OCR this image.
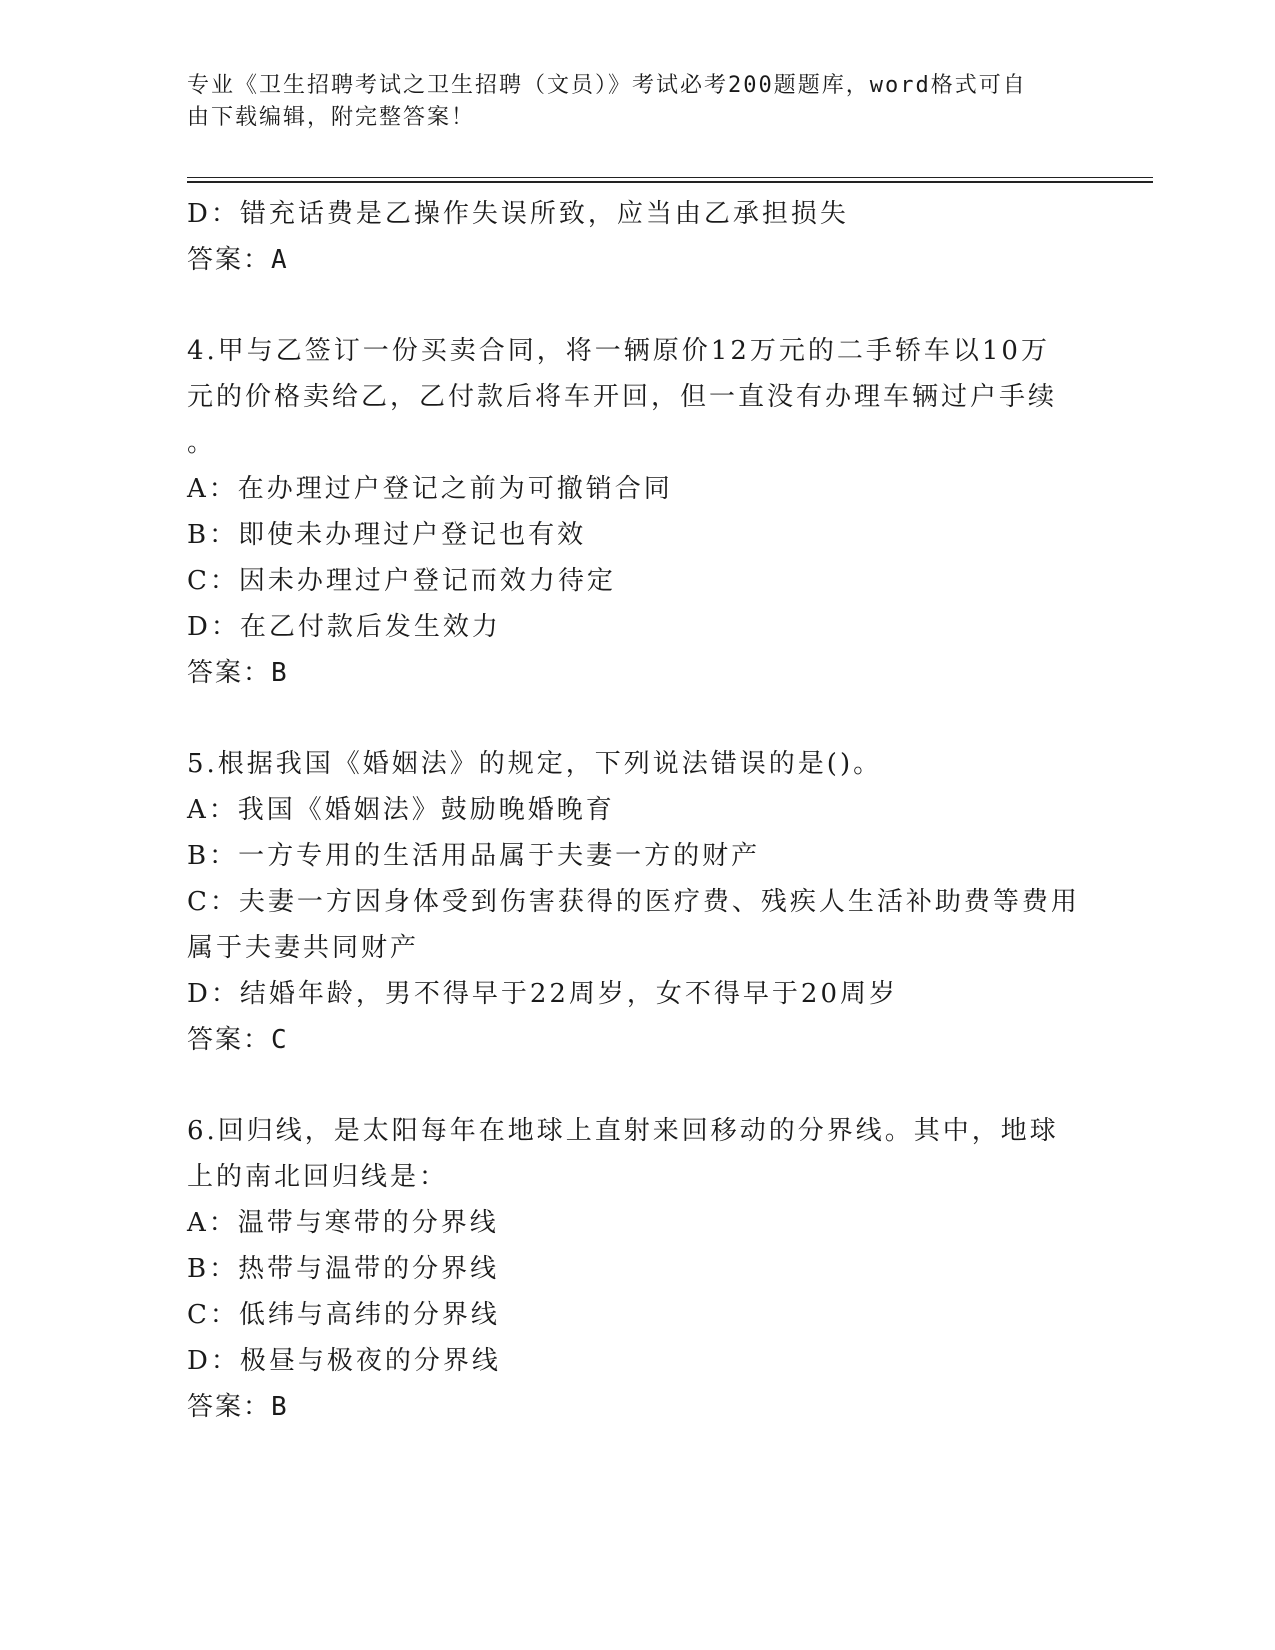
专业《卫生招聘考试之卫生招聘（文员）》考试必考200题题库，word格式可自
由下载编辑，附完整答案！
D：错充话费是乙操作失误所致，应当由乙承担损失
答案：A
4.甲与乙签订一份买卖合同，将一辆原价12万元的二手轿车以10万
元的价格卖给乙，乙付款后将车开回，但一直没有办理车辆过户手续
。
A：在办理过户登记之前为可撤销合同
B：即使未办理过户登记也有效
C：因未办理过户登记而效力待定
D：在乙付款后发生效力
答案：B
5.根据我国《婚姻法》的规定，下列说法错误的是()。
A：我国《婚姻法》鼓励晚婚晚育
B：一方专用的生活用品属于夫妻一方的财产
C：夫妻一方因身体受到伤害获得的医疗费、残疾人生活补助费等费用
属于夫妻共同财产
D：结婚年龄，男不得早于22周岁，女不得早于20周岁
答案：C
6.回归线，是太阳每年在地球上直射来回移动的分界线。其中，地球
上的南北回归线是：
A：温带与寒带的分界线
B：热带与温带的分界线
C：低纬与高纬的分界线
D：极昼与极夜的分界线
答案：B
